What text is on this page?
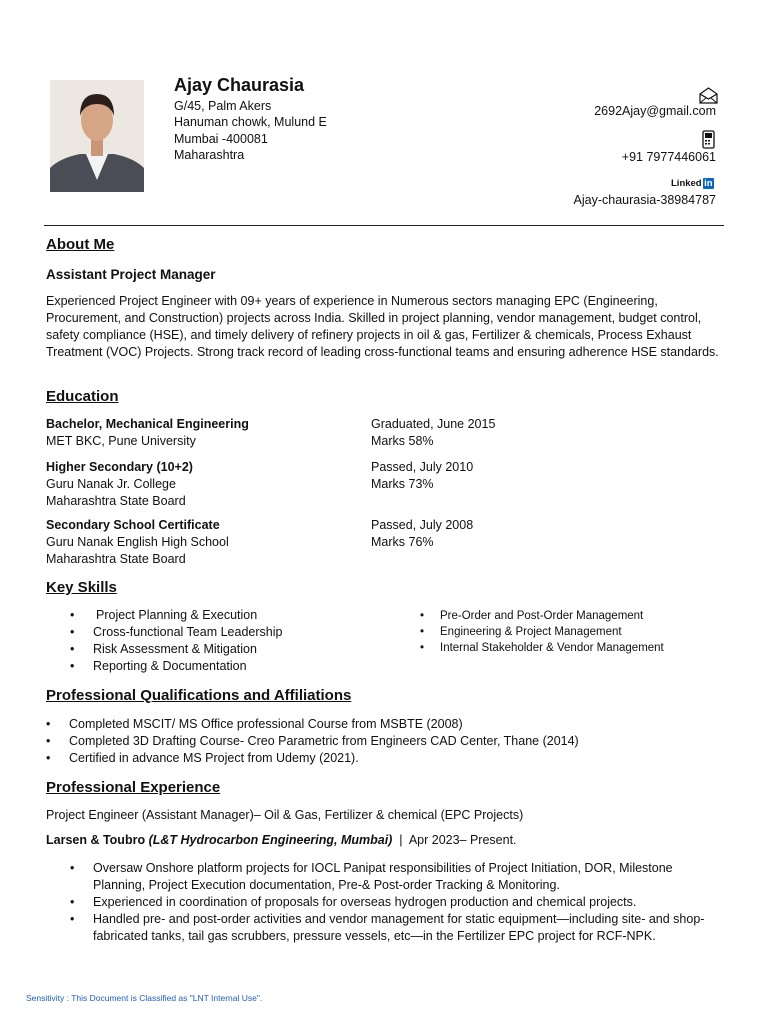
Ajay Chaurasia
G/45, Palm Akers
Hanuman chowk, Mulund E
Mumbai -400081
Maharashtra
2692Ajay@gmail.com
+91 7977446061
Linked in
Ajay-chaurasia-38984787
About Me
Assistant Project Manager
Experienced Project Engineer with 09+ years of experience in Numerous sectors managing EPC (Engineering, Procurement, and Construction) projects across India. Skilled in project planning, vendor management, budget control, safety compliance (HSE), and timely delivery of refinery projects in oil & gas, Fertilizer & chemicals, Process Exhaust Treatment (VOC) Projects. Strong track record of leading cross-functional teams and ensuring adherence HSE standards.
Education
Bachelor, Mechanical Engineering
MET BKC, Pune University
Graduated, June 2015
Marks 58%
Higher Secondary (10+2)
Guru Nanak Jr. College
Maharashtra State Board
Passed, July 2010
Marks 73%
Secondary School Certificate
Guru Nanak English High School
Maharashtra State Board
Passed, July 2008
Marks 76%
Key Skills
• Project Planning & Execution
• Cross-functional Team Leadership
• Risk Assessment & Mitigation
• Reporting & Documentation
• Pre-Order and Post-Order Management
• Engineering & Project Management
• Internal Stakeholder & Vendor Management
Professional Qualifications and Affiliations
• Completed MSCIT/ MS Office professional Course from MSBTE (2008)
• Completed 3D Drafting Course- Creo Parametric from Engineers CAD Center, Thane (2014)
• Certified in advance MS Project from Udemy (2021).
Professional Experience
Project Engineer (Assistant Manager)– Oil & Gas, Fertilizer & chemical (EPC Projects)
Larsen & Toubro (L&T Hydrocarbon Engineering, Mumbai) | Apr 2023– Present.
• Oversaw Onshore platform projects for IOCL Panipat responsibilities of Project Initiation, DOR, Milestone Planning, Project Execution documentation, Pre-& Post-order Tracking & Monitoring.
• Experienced in coordination of proposals for overseas hydrogen production and chemical projects.
• Handled pre- and post-order activities and vendor management for static equipment—including site- and shop-fabricated tanks, tail gas scrubbers, pressure vessels, etc—in the Fertilizer EPC project for RCF-NPK.
Sensitivity : This Document is Classified as "LNT Internal Use".
